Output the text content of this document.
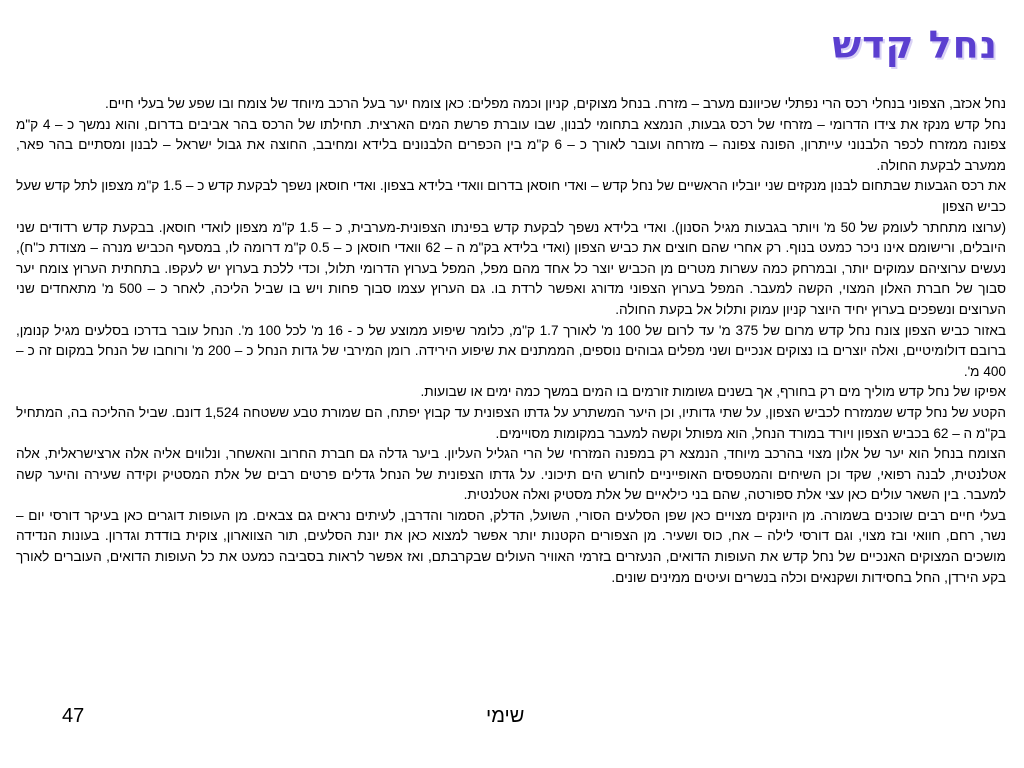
נחל קדש

נחל אכזב, הצפוני בנחלי רכס הרי נפתלי שכיוונם מערב – מזרח. בנחל מצוקים, קניון וכמה מפלים: כאן צומח יער בעל הרכב מיוחד של צומח ובו שפע של בעלי חיים.

נחל קדש מנקז את צידו הדרומי – מזרחי של רכס גבעות, הנמצא בתחומי לבנון, שבו עוברת פרשת המים הארצית. תחילתו של הרכס בהר אביבים בדרום, והוא נמשך כ – 4 ק"מ צפונה ממזרח לכפר הלבנוני עייתרון, הפונה צפונה – מזרחה ועובר לאורך כ – 6 ק"מ בין הכפרים הלבנונים בלידא ומחיבב, החוצה את גבול ישראל – לבנון ומסתיים בהר פאר, ממערב לבקעת החולה.

את רכס הגבעות שבתחום לבנון מנקזים שני יובליו הראשיים של נחל קדש – ואדי חוסאן בדרום וואדי בלידא בצפון. ואדי חוסאן נשפך לבקעת קדש כ – 1.5 ק"מ מצפון לתל קדש שעל כביש הצפון

(ערוצו מתחתר לעומק של 50 מ' ויותר בגבעות מגיל הסנון). ואדי בלידא נשפך לבקעת קדש בפינתו הצפונית-מערבית, כ – 1.5 ק"מ מצפון לואדי חוסאן. בבקעת קדש רדודים שני היובלים, ורישומם אינו ניכר כמעט בנוף. רק אחרי שהם חוצים את כביש הצפון (ואדי בלידא בק"מ ה – 62 וואדי חוסאן כ – 0.5 ק"מ דרומה לו, במסעף הכביש מנרה – מצודת כ"ח), נעשים ערוציהם עמוקים יותר, ובמרחק כמה עשרות מטרים מן הכביש יוצר כל אחד מהם מפל, המפל בערוץ הדרומי תלול, וכדי ללכת בערוץ יש לעקפו. בתחתית הערוץ צומח יער סבוך של חברת האלון המצוי, הקשה למעבר. המפל בערוץ הצפוני מדורג ואפשר לרדת בו. גם הערוץ עצמו סבוך פחות ויש בו שביל הליכה, לאחר כ – 500 מ' מתאחדים שני הערוצים ונשפכים בערוץ יחיד היוצר קניון עמוק ותלול אל בקעת החולה.

באזור כביש הצפון צונח נחל קדש מרום של 375 מ' עד לרום של 100 מ' לאורך 1.7 ק"מ, כלומר שיפוע ממוצע של כ - 16 מ' לכל 100 מ'. הנחל עובר בדרכו בסלעים מגיל קנומן, ברובם דולומיטיים, ואלה יוצרים בו נצוקים אנכיים ושני מפלים גבוהים נוספים, הממתנים את שיפוע הירידה. רומן המירבי של גדות הנחל כ – 200 מ' ורוחבו של הנחל במקום זה כ – 400 מ'.

אפיקו של נחל קדש מוליך מים רק בחורף, אך בשנים גשומות זורמים בו המים במשך כמה ימים או שבועות.

הקטע של נחל קדש שממזרח לכביש הצפון, על שתי גדותיו, וכן היער המשתרע על גדתו הצפונית עד קבוץ יפתח, הם שמורת טבע ששטחה 1,524 דונם. שביל ההליכה בה, המתחיל בק"מ ה – 62 בכביש הצפון ויורד במורד הנחל, הוא מפותל וקשה למעבר במקומות מסויימים.

הצומח בנחל הוא יער של אלון מצוי בהרכב מיוחד, הנמצא רק במפנה המזרחי של הרי הגליל העליון. ביער גדלה גם חברת החרוב והאשחר, ונלווים אליה אלה ארצישראלית, אלה אטלנטית, לבנה רפואי, שקד וכן השיחים והמטפסים האופייניים לחורש הים תיכוני. על גדתו הצפונית של הנחל גדלים פרטים רבים של אלת המסטיק וקידה שעירה והיער קשה למעבר. בין השאר עולים כאן עצי אלת ספורטה, שהם בני כילאיים של אלת מסטיק ואלה אטלנטית.

בעלי חיים רבים שוכנים בשמורה. מן היונקים מצויים כאן שפן הסלעים הסורי, השועל, הדלק, הסמור והדרבן, לעיתים נראים גם צבאים. מן העופות דוגרים כאן בעיקר דורסי יום – נשר, רחם, חוואי ובז מצוי, וגם דורסי לילה – אח, כוס ושעיר. מן הצפורים הקטנות יותר אפשר למצוא כאן את יונת הסלעים, תור הצווארון, צוקית בודדת וגדרון. בעונות הנדידה מושכים המצוקים האנכיים של נחל קדש את העופות הדואים, הנעזרים בזרמי האוויר העולים שבקרבתם, ואז אפשר לראות בסביבה כמעט את כל העופות הדואים, העוברים לאורך בקע הירדן, החל בחסידות ושקנאים וכלה בנשרים ועיטים ממינים שונים.

47	שימי
